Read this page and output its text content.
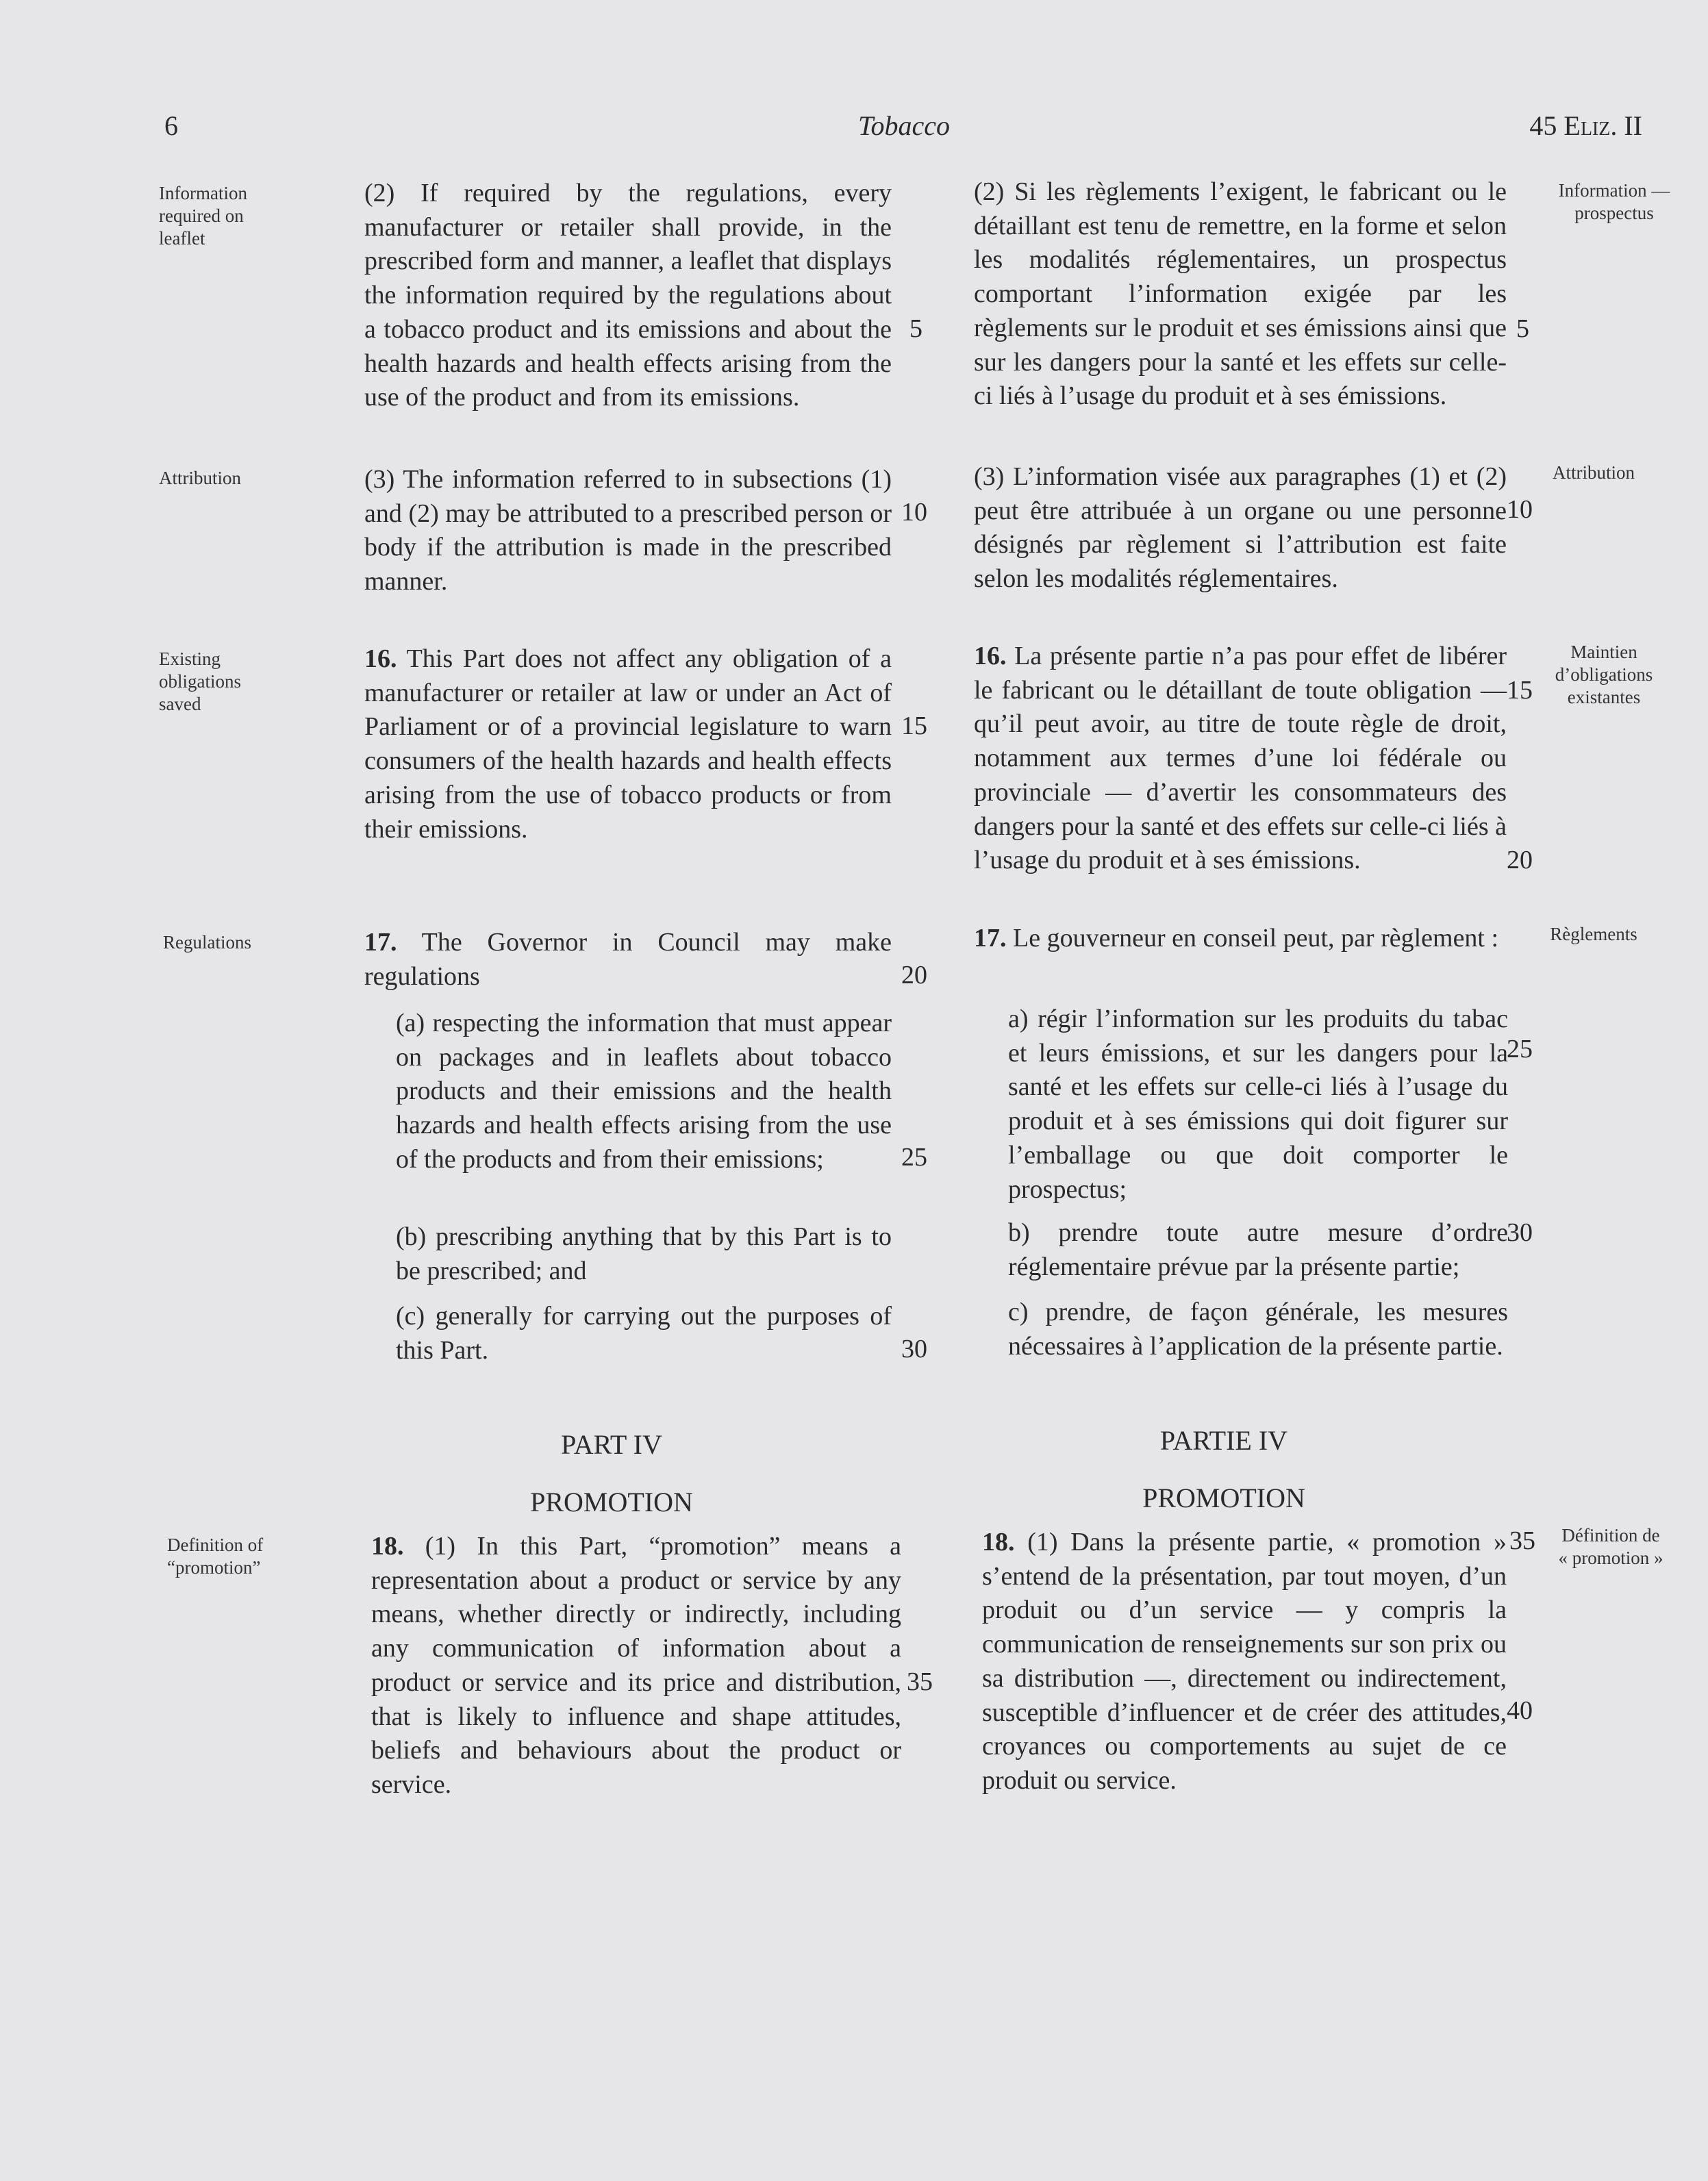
6	Tobacco	45 Eliz. II
Information
required on
leaflet
Attribution
Existing
obligations
saved
Regulations
Definition of
“promotion”
Information —
prospectus
Attribution
Maintien
d’obligations
existantes
Règlements
Définition de
« promotion »

(2) If required by the regulations, every manufacturer or retailer shall provide, in the prescribed form and manner, a leaflet that displays the information required by the regulations about a tobacco product and its emissions and about the health hazards and health effects arising from the use of the product and from its emissions.

(3) The information referred to in subsections (1) and (2) may be attributed to a prescribed person or body if the attribution is made in the prescribed manner.

16. This Part does not affect any obligation of a manufacturer or retailer at law or under an Act of Parliament or of a provincial legislature to warn consumers of the health hazards and health effects arising from the use of tobacco products or from their emissions.

17. The Governor in Council may make regulations

(a) respecting the information that must appear on packages and in leaflets about tobacco products and their emissions and the health hazards and health effects arising from the use of the products and from their emissions;

(b) prescribing anything that by this Part is to be prescribed; and

(c) generally for carrying out the purposes of this Part.

PART IV
PROMOTION

18. (1) In this Part, “promotion” means a representation about a product or service by any means, whether directly or indirectly, including any communication of information about a product or service and its price and distribution, that is likely to influence and shape attitudes, beliefs and behaviours about the product or service.

(2) Si les règlements l’exigent, le fabricant ou le détaillant est tenu de remettre, en la forme et selon les modalités réglementaires, un prospectus comportant l’information exigée par les règlements sur le produit et ses émissions ainsi que sur les dangers pour la santé et les effets sur celle-ci liés à l’usage du produit et à ses émissions.

(3) L’information visée aux paragraphes (1) et (2) peut être attribuée à un organe ou une personne désignés par règlement si l’attribution est faite selon les modalités réglementaires.

16. La présente partie n’a pas pour effet de libérer le fabricant ou le détaillant de toute obligation — qu’il peut avoir, au titre de toute règle de droit, notamment aux termes d’une loi fédérale ou provinciale — d’avertir les consommateurs des dangers pour la santé et des effets sur celle-ci liés à l’usage du produit et à ses émissions.

17. Le gouverneur en conseil peut, par règlement :

a) régir l’information sur les produits du tabac et leurs émissions, et sur les dangers pour la santé et les effets sur celle-ci liés à l’usage du produit et à ses émissions qui doit figurer sur l’emballage ou que doit comporter le prospectus;

b) prendre toute autre mesure d’ordre réglementaire prévue par la présente partie;

c) prendre, de façon générale, les mesures nécessaires à l’application de la présente partie.

PARTIE IV
PROMOTION

18. (1) Dans la présente partie, « promotion » s’entend de la présentation, par tout moyen, d’un produit ou d’un service — y compris la communication de renseignements sur son prix ou sa distribution —, directement ou indirectement, susceptible d’influencer et de créer des attitudes, croyances ou comportements au sujet de ce produit ou service.

5
10
15
20
25
30
35
5
10
15
20
25
30
35
40
